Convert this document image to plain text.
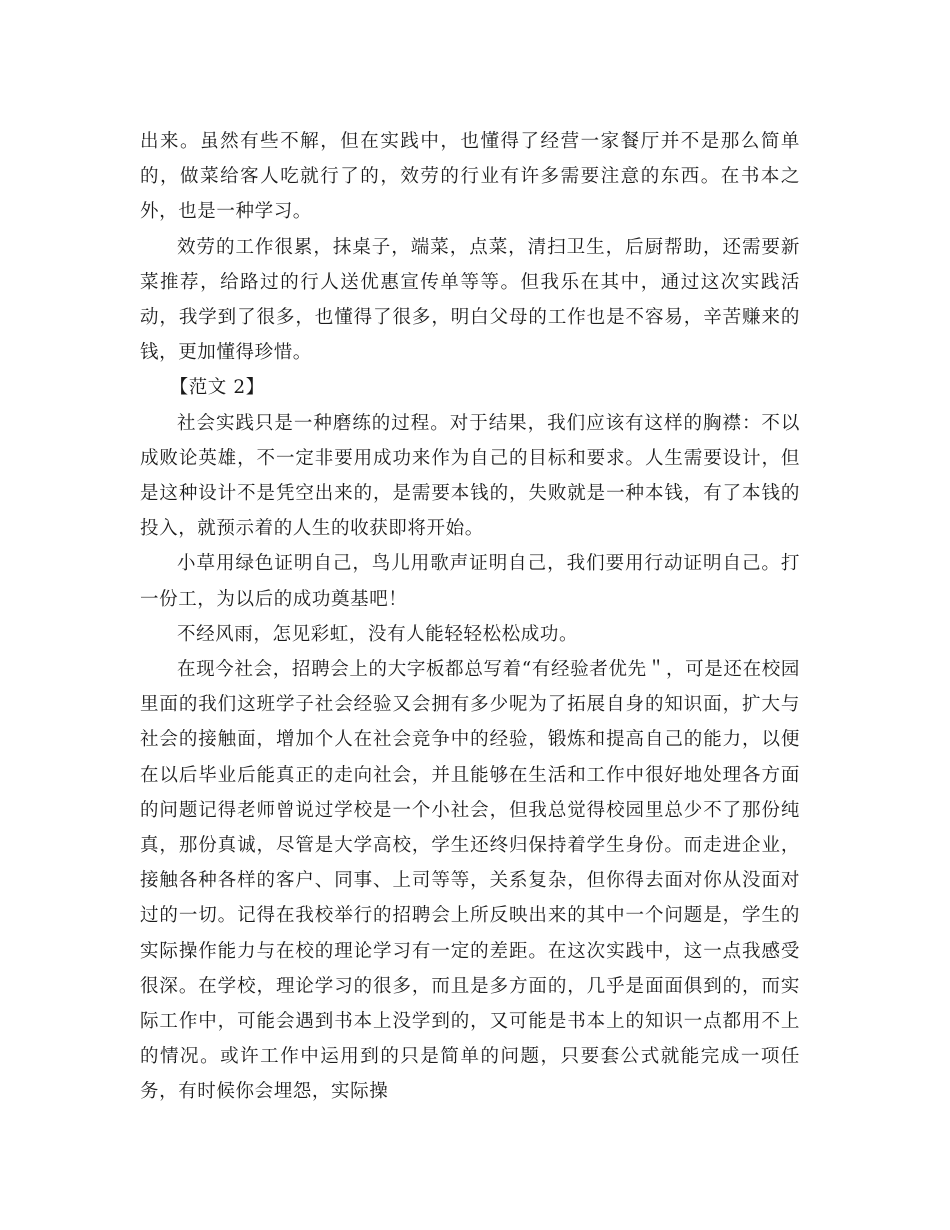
出来。虽然有些不解，但在实践中，也懂得了经营一家餐厅并不是那么简单的，做菜给客人吃就行了的，效劳的行业有许多需要注意的东西。在书本之外，也是一种学习。

效劳的工作很累，抹桌子，端菜，点菜，清扫卫生，后厨帮助，还需要新菜推荐，给路过的行人送优惠宣传单等等。但我乐在其中，通过这次实践活动，我学到了很多，也懂得了很多，明白父母的工作也是不容易，辛苦赚来的钱，更加懂得珍惜。

【范文 2】

社会实践只是一种磨练的过程。对于结果，我们应该有这样的胸襟：不以成败论英雄，不一定非要用成功来作为自己的目标和要求。人生需要设计，但是这种设计不是凭空出来的，是需要本钱的，失败就是一种本钱，有了本钱的投入，就预示着的人生的收获即将开始。

小草用绿色证明自己，鸟儿用歌声证明自己，我们要用行动证明自己。打一份工，为以后的成功奠基吧！

不经风雨，怎见彩虹，没有人能轻轻松松成功。

在现今社会，招聘会上的大字板都总写着“有经验者优先＂，可是还在校园里面的我们这班学子社会经验又会拥有多少呢为了拓展自身的知识面，扩大与社会的接触面，增加个人在社会竞争中的经验，锻炼和提高自己的能力，以便在以后毕业后能真正的走向社会，并且能够在生活和工作中很好地处理各方面的问题记得老师曾说过学校是一个小社会，但我总觉得校园里总少不了那份纯真，那份真诚，尽管是大学高校，学生还终归保持着学生身份。而走进企业，接触各种各样的客户、同事、上司等等，关系复杂，但你得去面对你从没面对过的一切。记得在我校举行的招聘会上所反映出来的其中一个问题是，学生的实际操作能力与在校的理论学习有一定的差距。在这次实践中，这一点我感受很深。在学校，理论学习的很多，而且是多方面的，几乎是面面俱到的，而实际工作中，可能会遇到书本上没学到的，又可能是书本上的知识一点都用不上的情况。或许工作中运用到的只是简单的问题，只要套公式就能完成一项任务，有时候你会埋怨，实际操
